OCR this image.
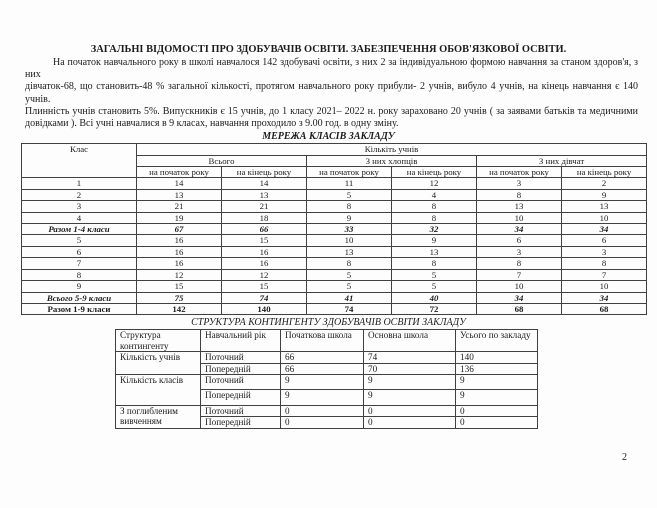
ЗАГАЛЬНІ ВІДОМОСТІ ПРО ЗДОБУВАЧІВ ОСВІТИ. ЗАБЕЗПЕЧЕННЯ ОБОВ'ЯЗКОВОЇ ОСВІТИ.
На початок навчального року в школі навчалося 142 здобувачі освіти, з них 2 за індивідуальною формою навчання за станом здоров'я, з них
дівчаток-68, що становить-48 % загальної кількості, протягом навчального року прибули- 2 учнів, вибуло 4 учнів, на кінець навчання є 140 учнів.
Плинність учнів становить 5%. Випускників є 15 учнів, до 1 класу 2021– 2022 н. року зараховано 20 учнів ( за заявами батьків та медичними
довідками ). Всі учні навчалися в 9 класах, навчання проходило з 9.00 год. в одну зміну.
МЕРЕЖА КЛАСІВ ЗАКЛАДУ
Клас	Кількіть учнів					
	Всього		З них хлопців		З них дівчат	
	на початок року	на кінець року	на початок року	на кінець року	на початок року	на кінець року
1	14	14	11	12	3	2
2	13	13	5	4	8	9
3	21	21	8	8	13	13
4	19	18	9	8	10	10
Разом 1-4 класи	67	66	33	32	34	34
5	16	15	10	9	6	6
6	16	16	13	13	3	3
7	16	16	8	8	8	8
8	12	12	5	5	7	7
9	15	15	5	5	10	10
Всього 5-9 класи	75	74	41	40	34	34
Разом 1-9 класи	142	140	74	72	68	68
СТРУКТУРА КОНТИНГЕНТУ ЗДОБУВАЧІВ ОСВІТИ ЗАКЛАДУ
Структура контингенту	Навчальний рік	Початкова школа	Основна школа	Усього по закладу
Кількість учнів	Поточний	66	74	140
	Попередній	66	70	136
Кількість класів	Поточний	9	9	9
	Попередній	9	9	9
З поглибленим вивченням	Поточний	0	0	0
	Попередній	0	0	0
2
